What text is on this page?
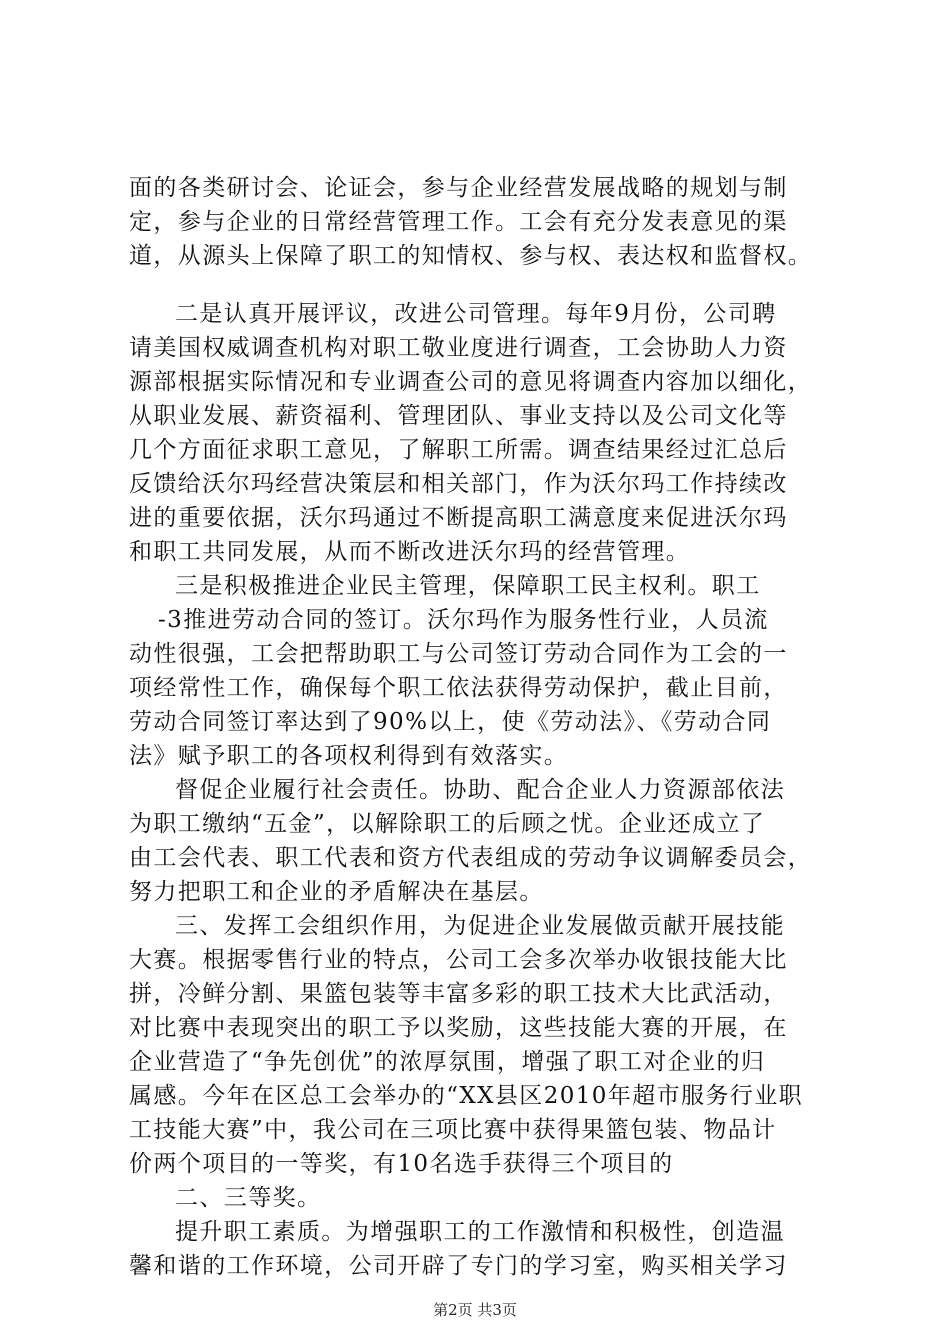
面的各类研讨会、论证会，参与企业经营发展战略的规划与制
定，参与企业的日常经营管理工作。工会有充分发表意见的渠
道，从源头上保障了职工的知情权、参与权、表达权和监督权。
二是认真开展评议，改进公司管理。每年9月份，公司聘
请美国权威调查机构对职工敬业度进行调查，工会协助人力资
源部根据实际情况和专业调查公司的意见将调查内容加以细化，
从职业发展、薪资福利、管理团队、事业支持以及公司文化等
几个方面征求职工意见，了解职工所需。调查结果经过汇总后
反馈给沃尔玛经营决策层和相关部门，作为沃尔玛工作持续改
进的重要依据，沃尔玛通过不断提高职工满意度来促进沃尔玛
和职工共同发展，从而不断改进沃尔玛的经营管理。
三是积极推进企业民主管理，保障职工民主权利。职工
-3推进劳动合同的签订。沃尔玛作为服务性行业，人员流
动性很强，工会把帮助职工与公司签订劳动合同作为工会的一
项经常性工作，确保每个职工依法获得劳动保护，截止目前，
劳动合同签订率达到了90%以上，使《劳动法》、《劳动合同
法》赋予职工的各项权利得到有效落实。
督促企业履行社会责任。协助、配合企业人力资源部依法
为职工缴纳“五金”，以解除职工的后顾之忧。企业还成立了
由工会代表、职工代表和资方代表组成的劳动争议调解委员会，
努力把职工和企业的矛盾解决在基层。
三、发挥工会组织作用，为促进企业发展做贡献开展技能
大赛。根据零售行业的特点，公司工会多次举办收银技能大比
拼，冷鲜分割、果篮包装等丰富多彩的职工技术大比武活动，
对比赛中表现突出的职工予以奖励，这些技能大赛的开展，在
企业营造了“争先创优”的浓厚氛围，增强了职工对企业的归
属感。今年在区总工会举办的“XX县区2010年超市服务行业职
工技能大赛”中，我公司在三项比赛中获得果篮包装、物品计
价两个项目的一等奖，有10名选手获得三个项目的
二、三等奖。
提升职工素质。为增强职工的工作激情和积极性，创造温
馨和谐的工作环境，公司开辟了专门的学习室，购买相关学习
第2页 共3页
